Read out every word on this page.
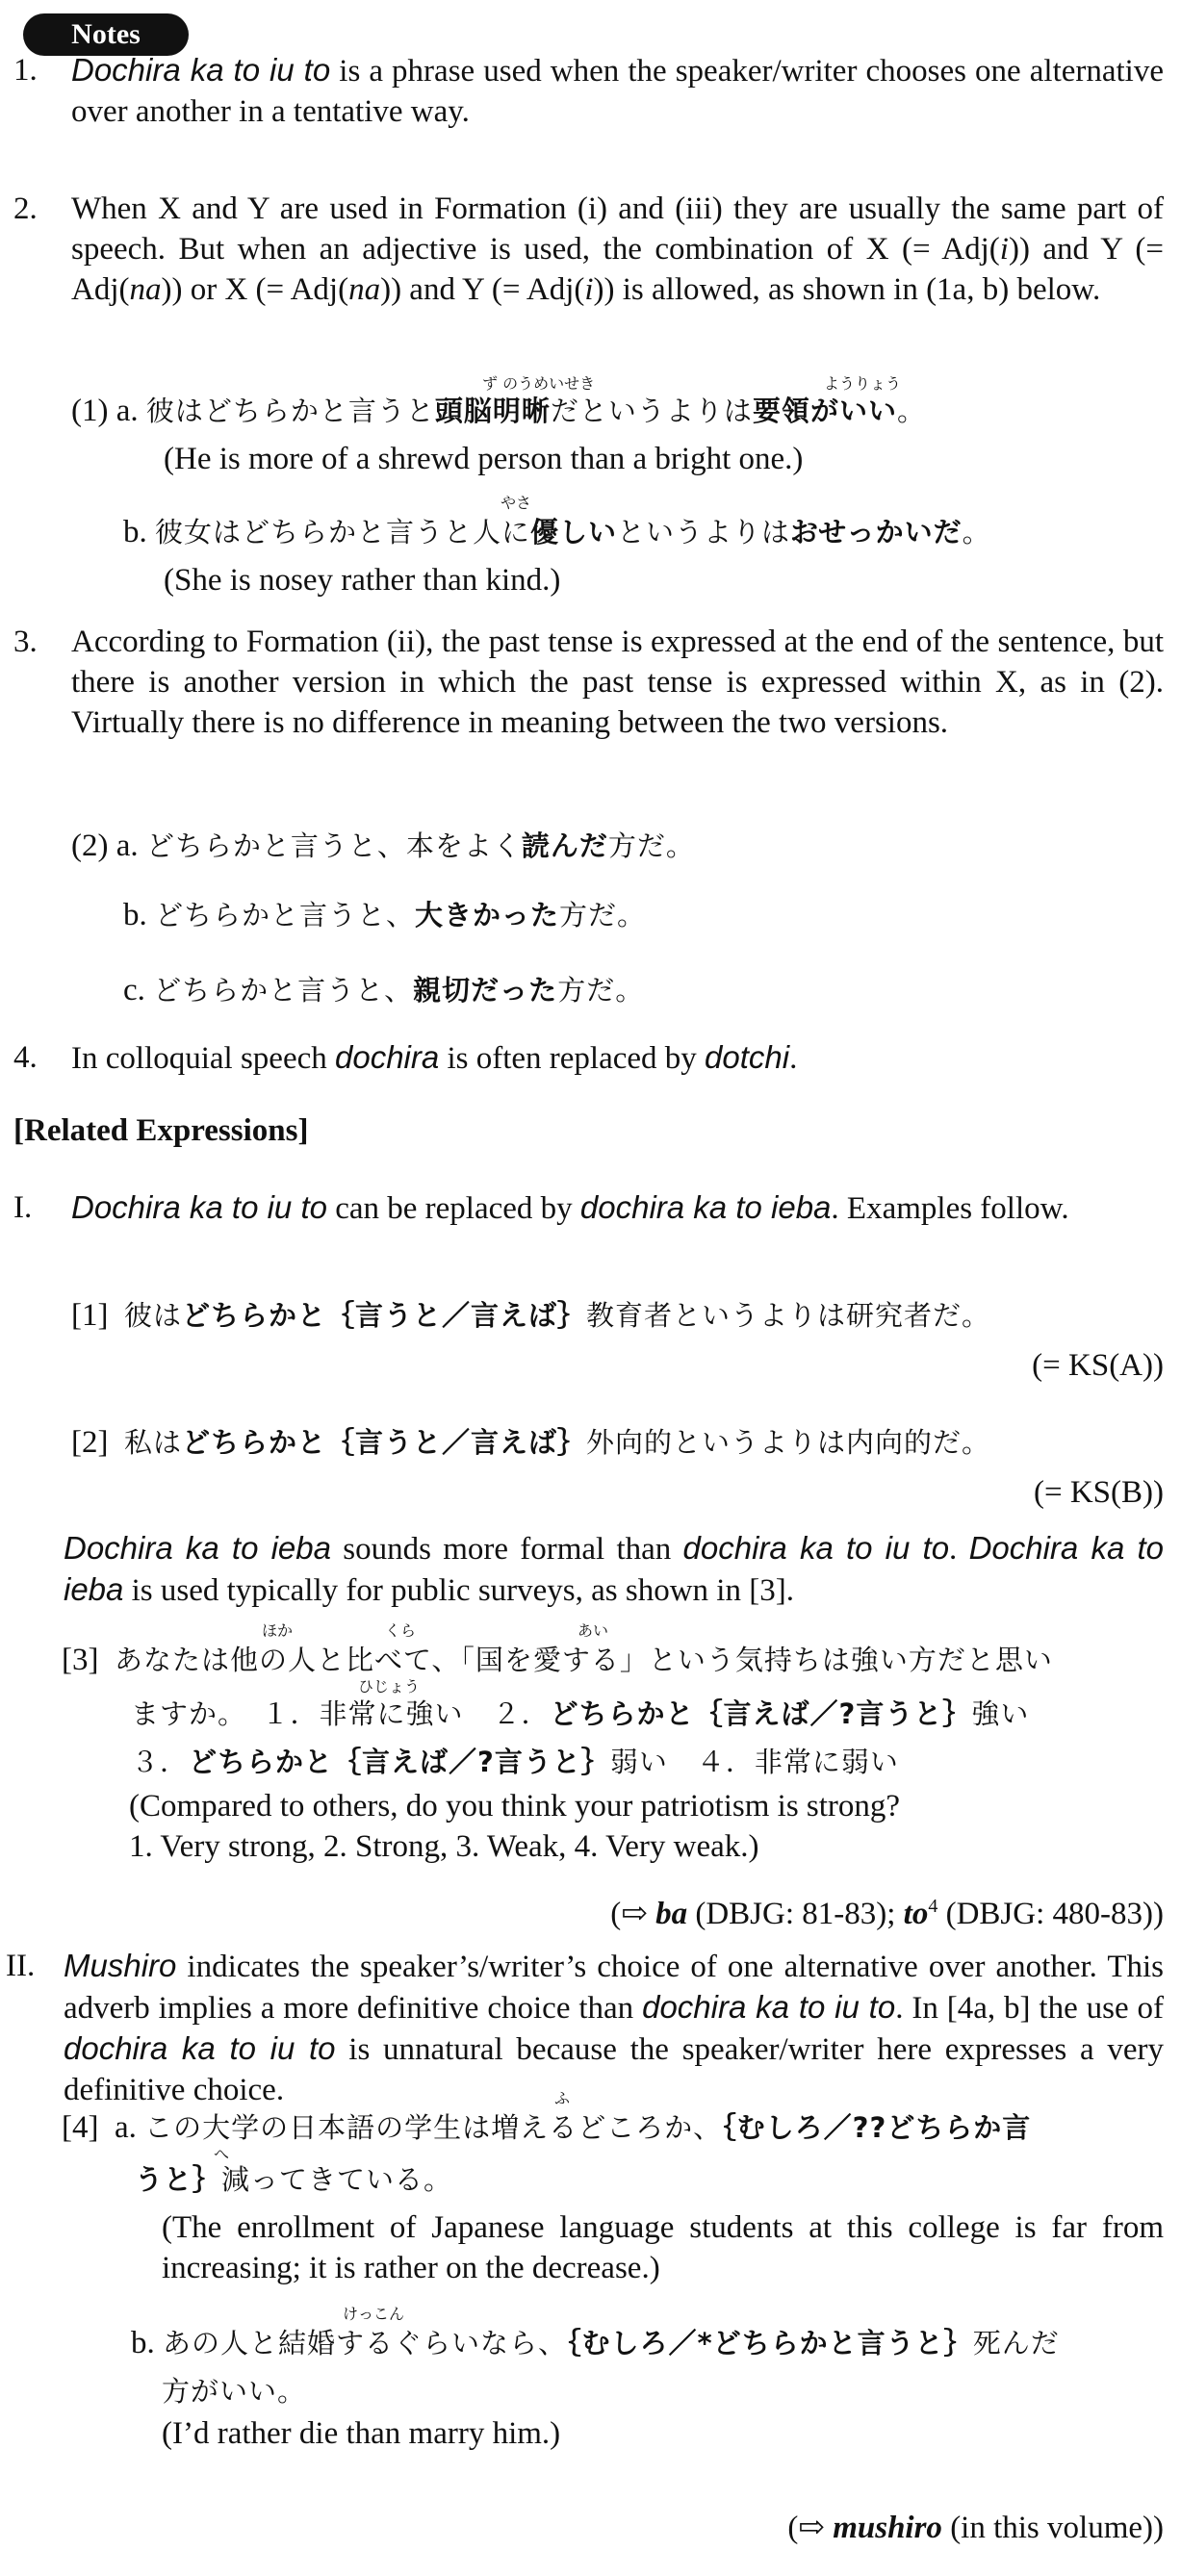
Notes
1. Dochira ka to iu to is a phrase used when the speaker/writer chooses one alternative over another in a tentative way.
2. When X and Y are used in Formation (i) and (iii) they are usually the same part of speech. But when an adjective is used, the combination of X (= Adj(i)) and Y (= Adj(na)) or X (= Adj(na)) and Y (= Adj(i)) is allowed, as shown in (1a, b) below.
ず のうめいせき	ようりょう
(1) a. 彼はどちらかと言うと頭脳明晰だというよりは要領がいい。
(He is more of a shrewd person than a bright one.)
やさ
b. 彼女はどちらかと言うと人に優しいというよりはおせっかいだ。
(She is nosey rather than kind.)
3. According to Formation (ii), the past tense is expressed at the end of the sentence, but there is another version in which the past tense is expressed within X, as in (2). Virtually there is no difference in meaning between the two versions.
(2) a. どちらかと言うと、本をよく読んだ方だ。
b. どちらかと言うと、大きかった方だ。
c. どちらかと言うと、親切だった方だ。
4. In colloquial speech dochira is often replaced by dotchi.
[Related Expressions]
I. Dochira ka to iu to can be replaced by dochira ka to ieba. Examples follow.
[1] 彼はどちらかと｛言うと／言えば｝教育者というよりは研究者だ。
(= KS(A))
[2] 私はどちらかと｛言うと／言えば｝外向的というよりは内向的だ。
(= KS(B))
Dochira ka to ieba sounds more formal than dochira ka to iu to. Dochira ka to ieba is used typically for public surveys, as shown in [3].
ほか	くら	あい
[3] あなたは他の人と比べて、「国を愛する」という気持ちは強い方だと思い
ひじょう
ますか。　１．非常に強い　２．どちらかと｛言えば／?言うと｝強い
３．どちらかと｛言えば／?言うと｝弱い　４．非常に弱い
(Compared to others, do you think your patriotism is strong?
1. Very strong, 2. Strong, 3. Weak, 4. Very weak.)
(⇨ ba (DBJG: 81-83); $to^4$ (DBJG: 480-83))
II. Mushiro indicates the speaker’s/writer’s choice of one alternative over another. This adverb implies a more definitive choice than dochira ka to iu to. In [4a, b] the use of dochira ka to iu to is unnatural because the speaker/writer here expresses a very definitive choice.	ふ
[4] a. この大学の日本語の学生は増えるどころか、｛むしろ／??どちらか言
へ
うと｝減ってきている。
(The enrollment of Japanese language students at this college is far from increasing; it is rather on the decrease.)
けっこん
b. あの人と結婚するぐらいなら、｛むしろ／*どちらかと言うと｝死んだ
方がいい。
(I’d rather die than marry him.)
(⇨ mushiro (in this volume))
